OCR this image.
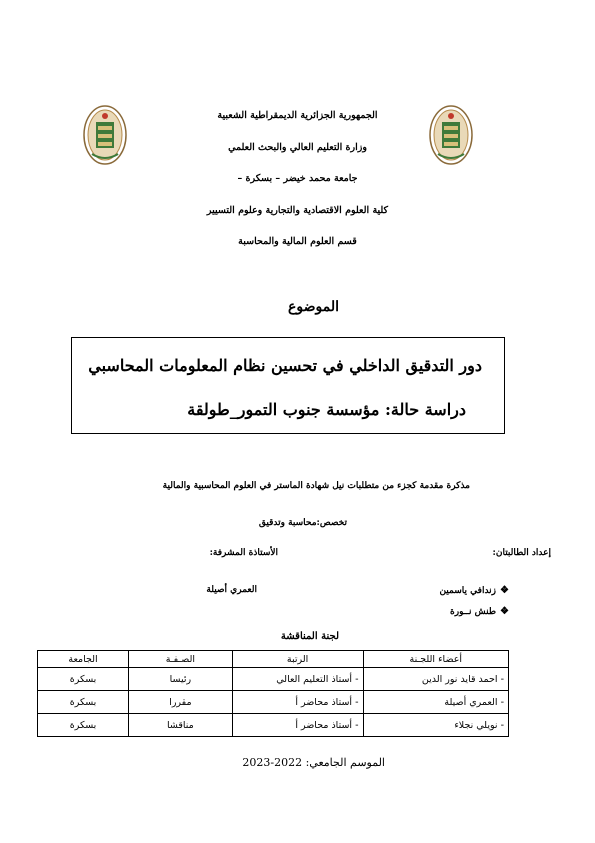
الجمهورية الجزائرية الديمقراطية الشعبية
وزارة التعليم العالي والبحث العلمي
جامعة محمد خيضر – بسكرة –
كلية العلوم الاقتصادية والتجارية وعلوم التسيير
قسم العلوم المالية والمحاسبة
الموضوع
دور التدقيق الداخلي في تحسين نظام المعلومات المحاسبي
دراسة حالة: مؤسسة جنوب التمور_طولقة
مذكرة مقدمة كجزء من متطلبات نيل شهادة الماستر في العلوم المحاسبية والمالية
تخصص:محاسبة وتدقيق
إعداد الطالبتان:
الأستاذة المشرفة:
❖زندافي ياسمين
❖طنش نــورة
العمري أصيلة
لجنة المناقشة
أعضاء اللجـنة	الرتبة	الصـفـة	الجامعة
- احمد قايد نور الدين	- أستاذ التعليم العالي	رئيسا	بسكرة
- العمري أصيلة	- أستاذ محاضر أ	مقررا	بسكرة
- نويلي نجلاء	- أستاذ محاضر أ	مناقشا	بسكرة
الموسم الجامعي: 2022-2023
